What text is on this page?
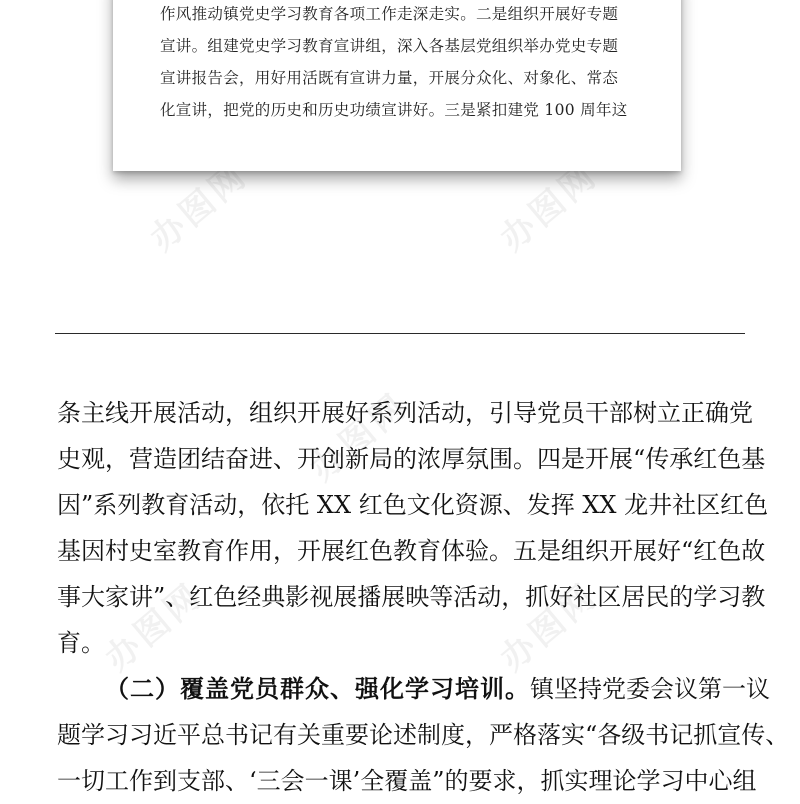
办图网	办图网
办图网
办图网	办图网
作风推动镇党史学习教育各项工作走深走实。二是组织开展好专题
宣讲。组建党史学习教育宣讲组，深入各基层党组织举办党史专题
宣讲报告会，用好用活既有宣讲力量，开展分众化、对象化、常态
化宣讲，把党的历史和历史功绩宣讲好。三是紧扣建党 100 周年这
条主线开展活动，组织开展好系列活动，引导党员干部树立正确党
史观，营造团结奋进、开创新局的浓厚氛围。四是开展“传承红色基
因”系列教育活动，依托 XX 红色文化资源、发挥 XX 龙井社区红色
基因村史室教育作用，开展红色教育体验。五是组织开展好“红色故
事大家讲”、红色经典影视展播展映等活动，抓好社区居民的学习教
育。
（二）覆盖党员群众、强化学习培训。镇坚持党委会议第一议
题学习习近平总书记有关重要论述制度，严格落实“各级书记抓宣传、
一切工作到支部、‘三会一课’全覆盖”的要求，抓实理论学习中心组
